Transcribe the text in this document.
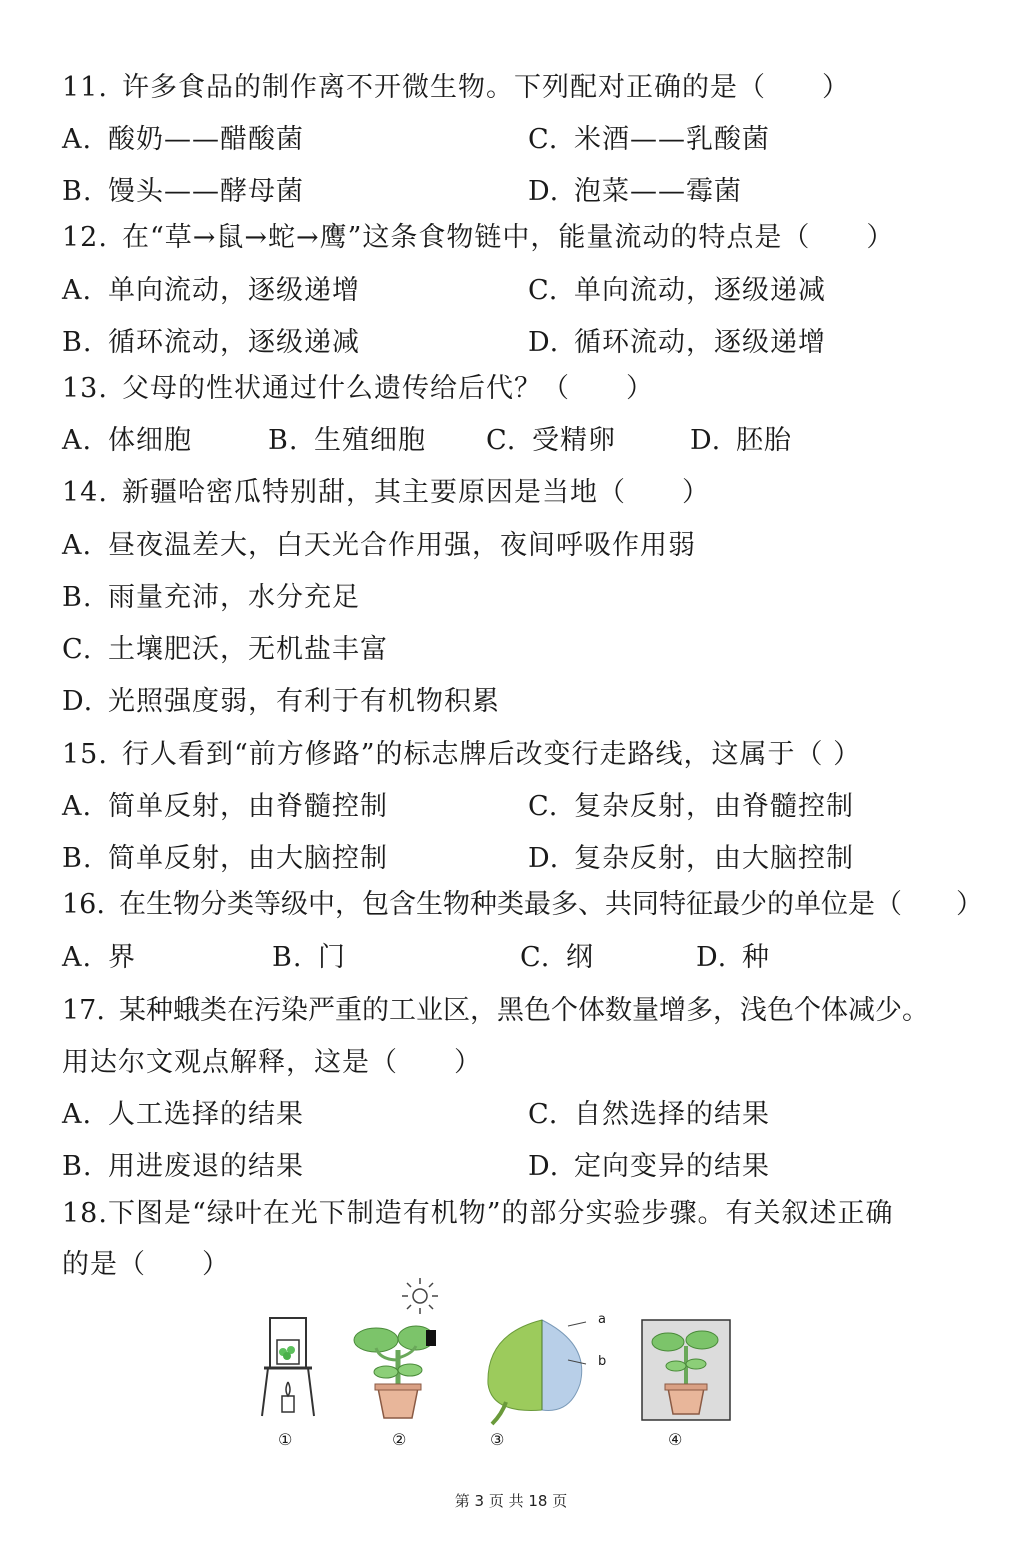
11. 许多食品的制作离不开微生物。下列配对正确的是（　　）
A. 酸奶——醋酸菌	C. 米酒——乳酸菌
B. 馒头——酵母菌	D. 泡菜——霉菌
12. 在“草→鼠→蛇→鹰”这条食物链中，能量流动的特点是（　　）
A. 单向流动，逐级递增	C. 单向流动，逐级递减
B. 循环流动，逐级递减	D. 循环流动，逐级递增
13. 父母的性状通过什么遗传给后代？（　　）
A. 体细胞	B. 生殖细胞 C. 受精卵	D. 胚胎
14. 新疆哈密瓜特别甜，其主要原因是当地（　　）
A. 昼夜温差大，白天光合作用强，夜间呼吸作用弱
B. 雨量充沛，水分充足
C. 土壤肥沃，无机盐丰富
D. 光照强度弱，有利于有机物积累
15. 行人看到“前方修路”的标志牌后改变行走路线，这属于（ ）
A. 简单反射，由脊髓控制	C. 复杂反射，由脊髓控制
B. 简单反射，由大脑控制	D. 复杂反射，由大脑控制
16. 在生物分类等级中，包含生物种类最多、共同特征最少的单位是（　　）
A. 界	B. 门	C. 纲	D. 种
17. 某种蛾类在污染严重的工业区，黑色个体数量增多，浅色个体减少。
用达尔文观点解释，这是（　　）
A. 人工选择的结果	C. 自然选择的结果
B. 用进废退的结果	D. 定向变异的结果
18.下图是“绿叶在光下制造有机物”的部分实验步骤。有关叙述正确
的是（　　）
①	②
a
b
③	④
第 3 页 共 18 页
